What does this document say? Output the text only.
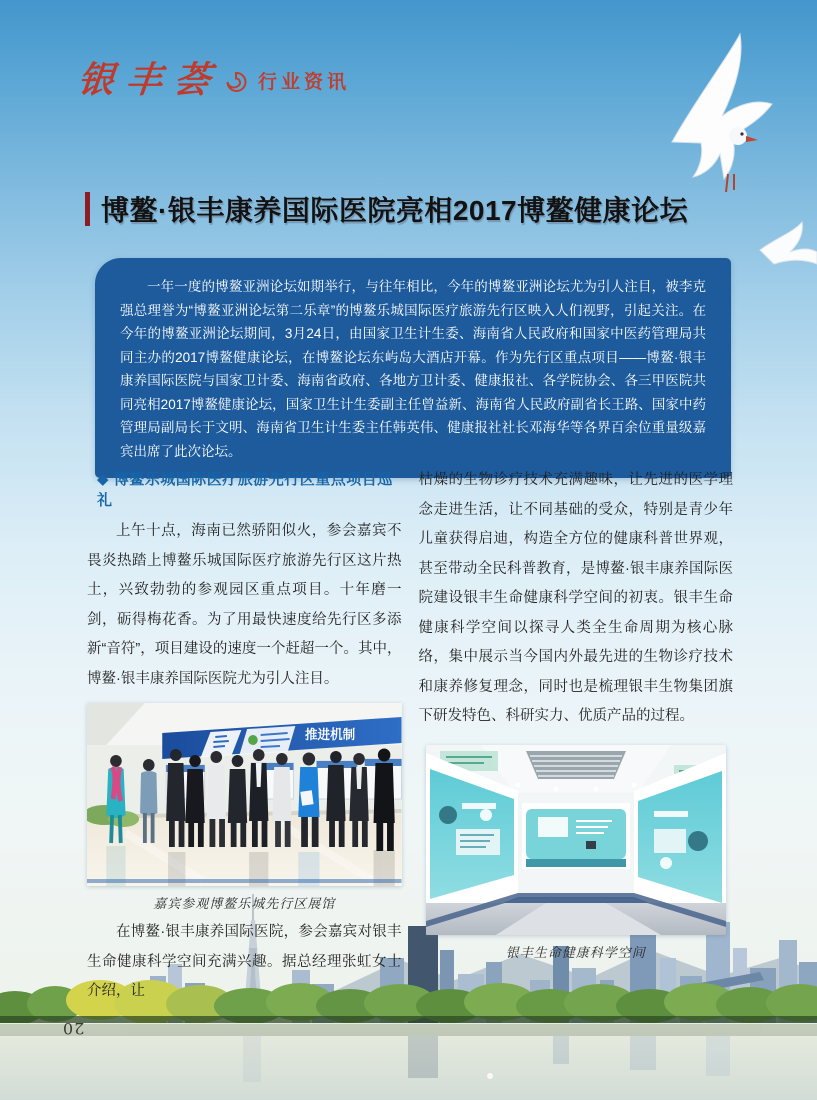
银丰荟 行业资讯
博鳌·银丰康养国际医院亮相2017博鳌健康论坛

一年一度的博鳌亚洲论坛如期举行，与往年相比，今年的博鳌亚洲论坛尤为引人注目，被李克强总理誉为“博鳌亚洲论坛第二乐章”的博鳌乐城国际医疗旅游先行区映入人们视野，引起关注。在今年的博鳌亚洲论坛期间，3月24日，由国家卫生计生委、海南省人民政府和国家中医药管理局共同主办的2017博鳌健康论坛，在博鳌论坛东屿岛大酒店开幕。作为先行区重点项目——博鳌·银丰康养国际医院与国家卫计委、海南省政府、各地方卫计委、健康报社、各学院协会、各三甲医院共同亮相2017博鳌健康论坛，国家卫生计生委副主任曾益新、海南省人民政府副省长王路、国家中药管理局副局长于文明、海南省卫生计生委主任韩英伟、健康报社社长邓海华等各界百余位重量级嘉宾出席了此次论坛。

◆ 博鳌乐城国际医疗旅游先行区重点项目巡礼

上午十点，海南已然骄阳似火，参会嘉宾不畏炎热踏上博鳌乐城国际医疗旅游先行区这片热土，兴致勃勃的参观园区重点项目。十年磨一剑，砺得梅花香。为了用最快速度给先行区多添新“音符”，项目建设的速度一个赶超一个。其中，博鳌·银丰康养国际医院尤为引人注目。

推进机制
嘉宾参观博鳌乐城先行区展馆

在博鳌·银丰康养国际医院，参会嘉宾对银丰生命健康科学空间充满兴趣。据总经理张虹女士介绍，让

枯燥的生物诊疗技术充满趣味，让先进的医学理念走进生活，让不同基础的受众，特别是青少年儿童获得启迪，构造全方位的健康科普世界观，甚至带动全民科普教育，是博鳌·银丰康养国际医院建设银丰生命健康科学空间的初衷。银丰生命健康科学空间以探寻人类全生命周期为核心脉络，集中展示当今国内外最先进的生物诊疗技术和康养修复理念，同时也是梳理银丰生物集团旗下研发特色、科研实力、优质产品的过程。

银丰生命健康科学空间
20
